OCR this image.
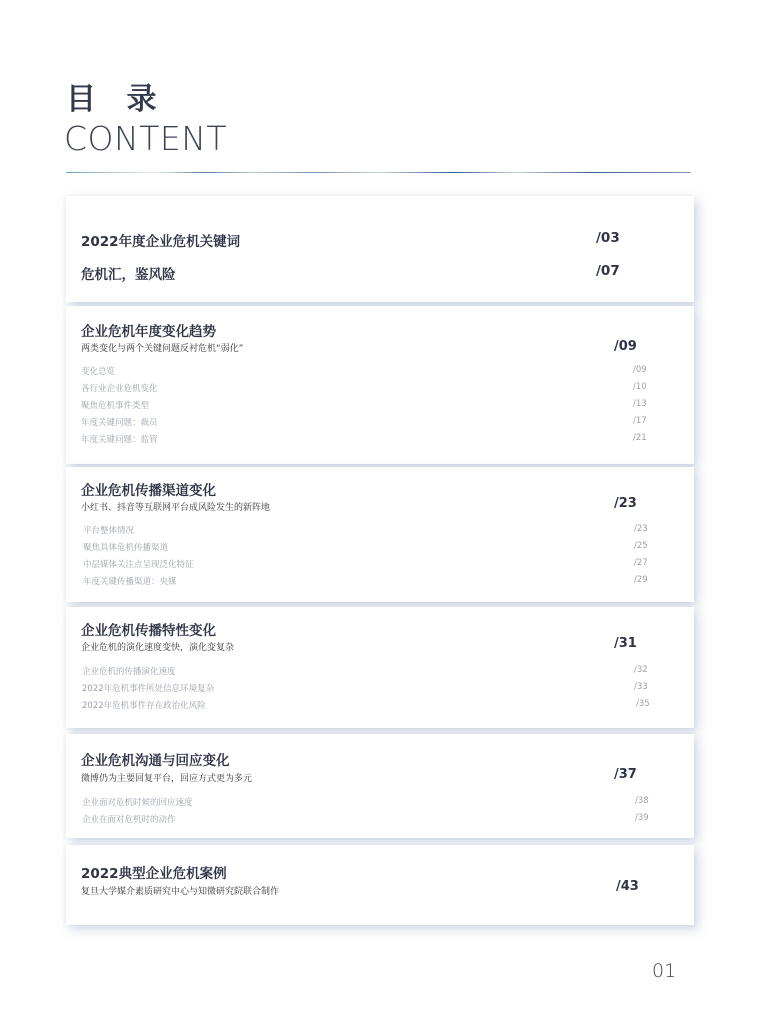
目 录
CONTENT
2022年度企业危机关键词	/03
危机汇，鉴风险	/07
企业危机年度变化趋势
两类变化与两个关键问题反衬危机“弱化”	/09
变化总览	/09
各行业企业危机变化	/10
聚焦危机事件类型	/13
年度关键问题：裁员	/17
年度关键问题：监管	/21
企业危机传播渠道变化
小红书、抖音等互联网平台成风险发生的新阵地	/23
平台整体情况	/23
聚焦具体危机传播渠道	/25
中层媒体关注点呈现泛化特征	/27
年度关键传播渠道：央媒	/29
企业危机传播特性变化
企业危机的演化速度变快，演化变复杂	/31
企业危机的传播演化速度	/32
2022年危机事件所处信息环境复杂	/33
2022年危机事件存在政治化风险	/35
企业危机沟通与回应变化
微博仍为主要回复平台，回应方式更为多元	/37
企业面对危机时候的回应速度	/38
企业在面对危机时的动作	/39
2022典型企业危机案例
复旦大学媒介素质研究中心与知微研究院联合制作	/43
01
